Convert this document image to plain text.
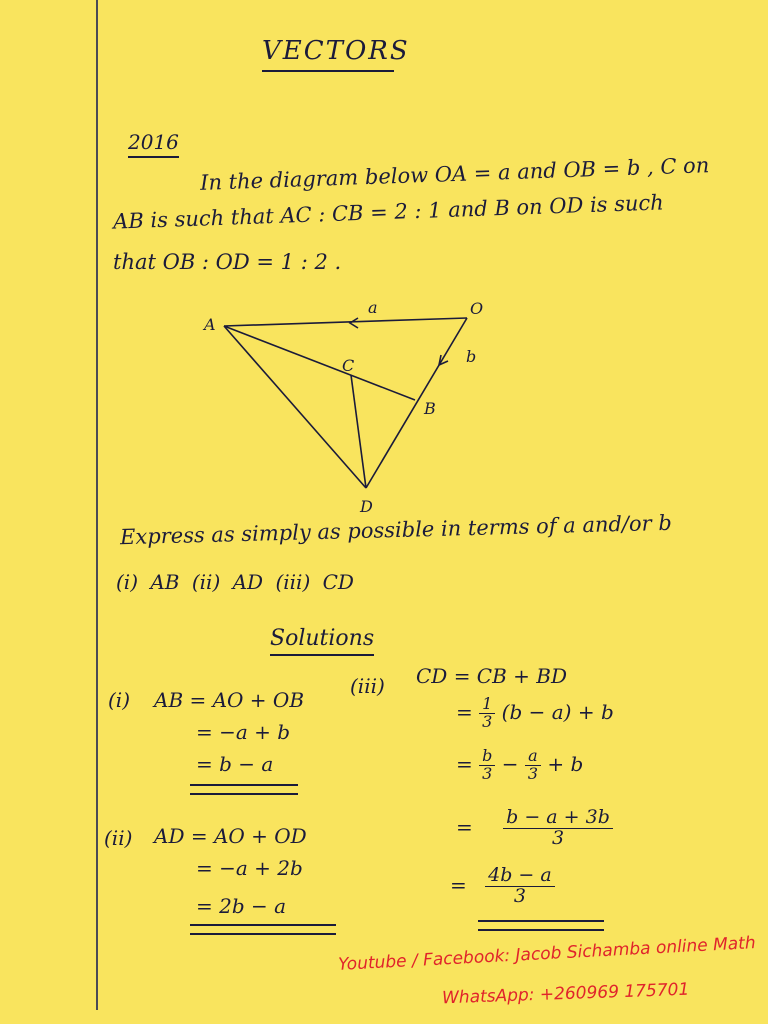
VECTORS
2016
In the diagram below OA = a and OB = b , C on
AB is such that AC : CB = 2 : 1 and B on OD is such
that OB : OD = 1 : 2 .
A
O
C
B
D
a
b
Express as simply as possible in terms of a and/or b
(i) AB (ii) AD (iii) CD
Solutions
(i) AB = AO + OB
= −a + b
= b − a
(ii) AD = AO + OD
= −a + 2b
= 2b − a
(iii) CD = CB + BD
= $\frac{1}{3} (b - a) + b$
= $\frac{b}{3} - \frac{a}{3} + b$
= $\frac{b - a + 3b}{3}$
= $\frac{4b - a}{3}$
Youtube / Facebook: Jacob Sichamba online Math
WhatsApp: +260969 175701
